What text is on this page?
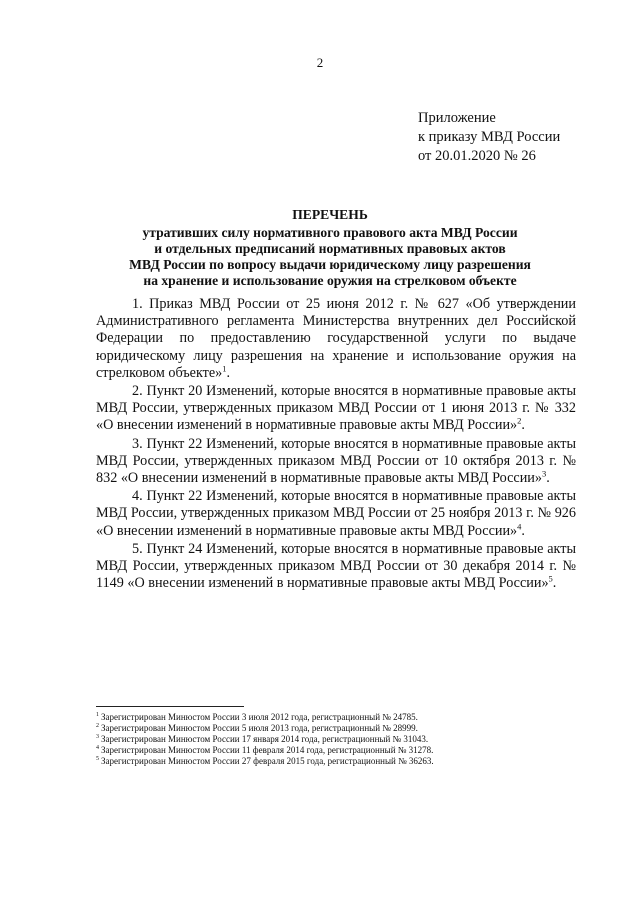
2
Приложение
к приказу МВД России
от 20.01.2020 № 26
ПЕРЕЧЕНЬ
утративших силу нормативного правового акта МВД России
и отдельных предписаний нормативных правовых актов
МВД России по вопросу выдачи юридическому лицу разрешения
на хранение и использование оружия на стрелковом объекте

1. Приказ МВД России от 25 июня 2012 г. № 627 «Об утверждении Административного регламента Министерства внутренних дел Российской Федерации по предоставлению государственной услуги по выдаче юридическому лицу разрешения на хранение и использование оружия на стрелковом объекте»$^1$.

2. Пункт 20 Изменений, которые вносятся в нормативные правовые акты МВД России, утвержденных приказом МВД России от 1 июня 2013 г. № 332 «О внесении изменений в нормативные правовые акты МВД России»$^2$.

3. Пункт 22 Изменений, которые вносятся в нормативные правовые акты МВД России, утвержденных приказом МВД России от 10 октября 2013 г. № 832 «О внесении изменений в нормативные правовые акты МВД России»$^3$.

4. Пункт 22 Изменений, которые вносятся в нормативные правовые акты МВД России, утвержденных приказом МВД России от 25 ноября 2013 г. № 926 «О внесении изменений в нормативные правовые акты МВД России»$^4$.

5. Пункт 24 Изменений, которые вносятся в нормативные правовые акты МВД России, утвержденных приказом МВД России от 30 декабря 2014 г. № 1149 «О внесении изменений в нормативные правовые акты МВД России»$^5$.

$^1$ Зарегистрирован Минюстом России 3 июля 2012 года, регистрационный № 24785.
$^2$ Зарегистрирован Минюстом России 5 июля 2013 года, регистрационный № 28999.
$^3$ Зарегистрирован Минюстом России 17 января 2014 года, регистрационный № 31043.
$^4$ Зарегистрирован Минюстом России 11 февраля 2014 года, регистрационный № 31278.
$^5$ Зарегистрирован Минюстом России 27 февраля 2015 года, регистрационный № 36263.
